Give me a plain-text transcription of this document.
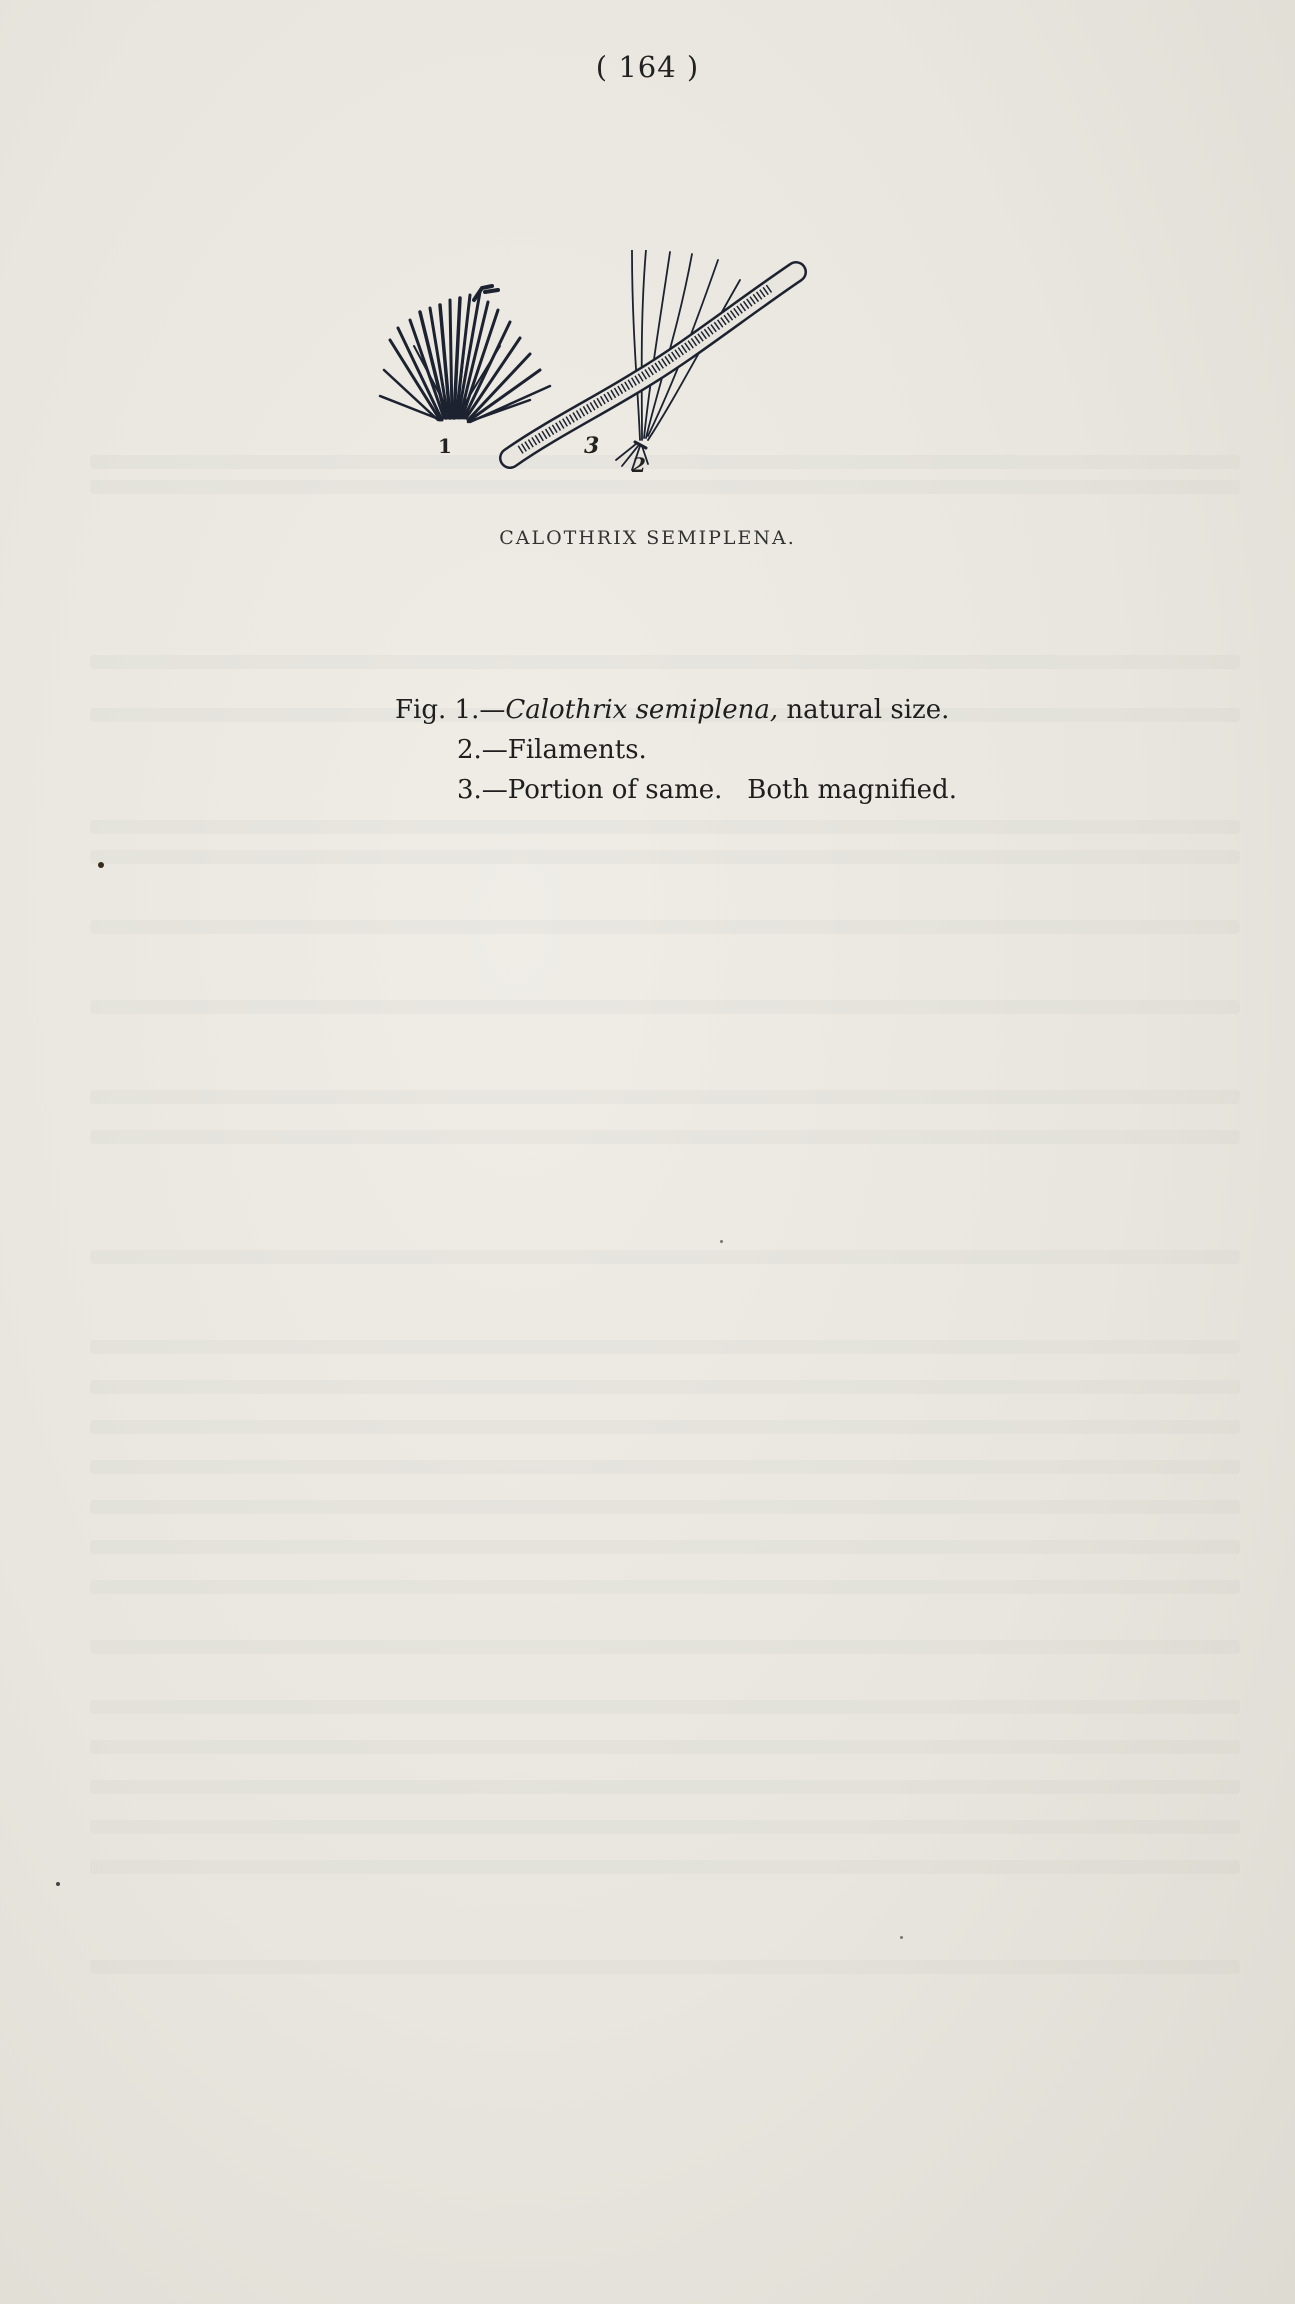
( 164 )
1
2
3
CALOTHRIX SEMIPLENA.
Fig. 1.—Calothrix semiplena, natural size.
2.—Filaments.
3.—Portion of same.   Both magnified.
